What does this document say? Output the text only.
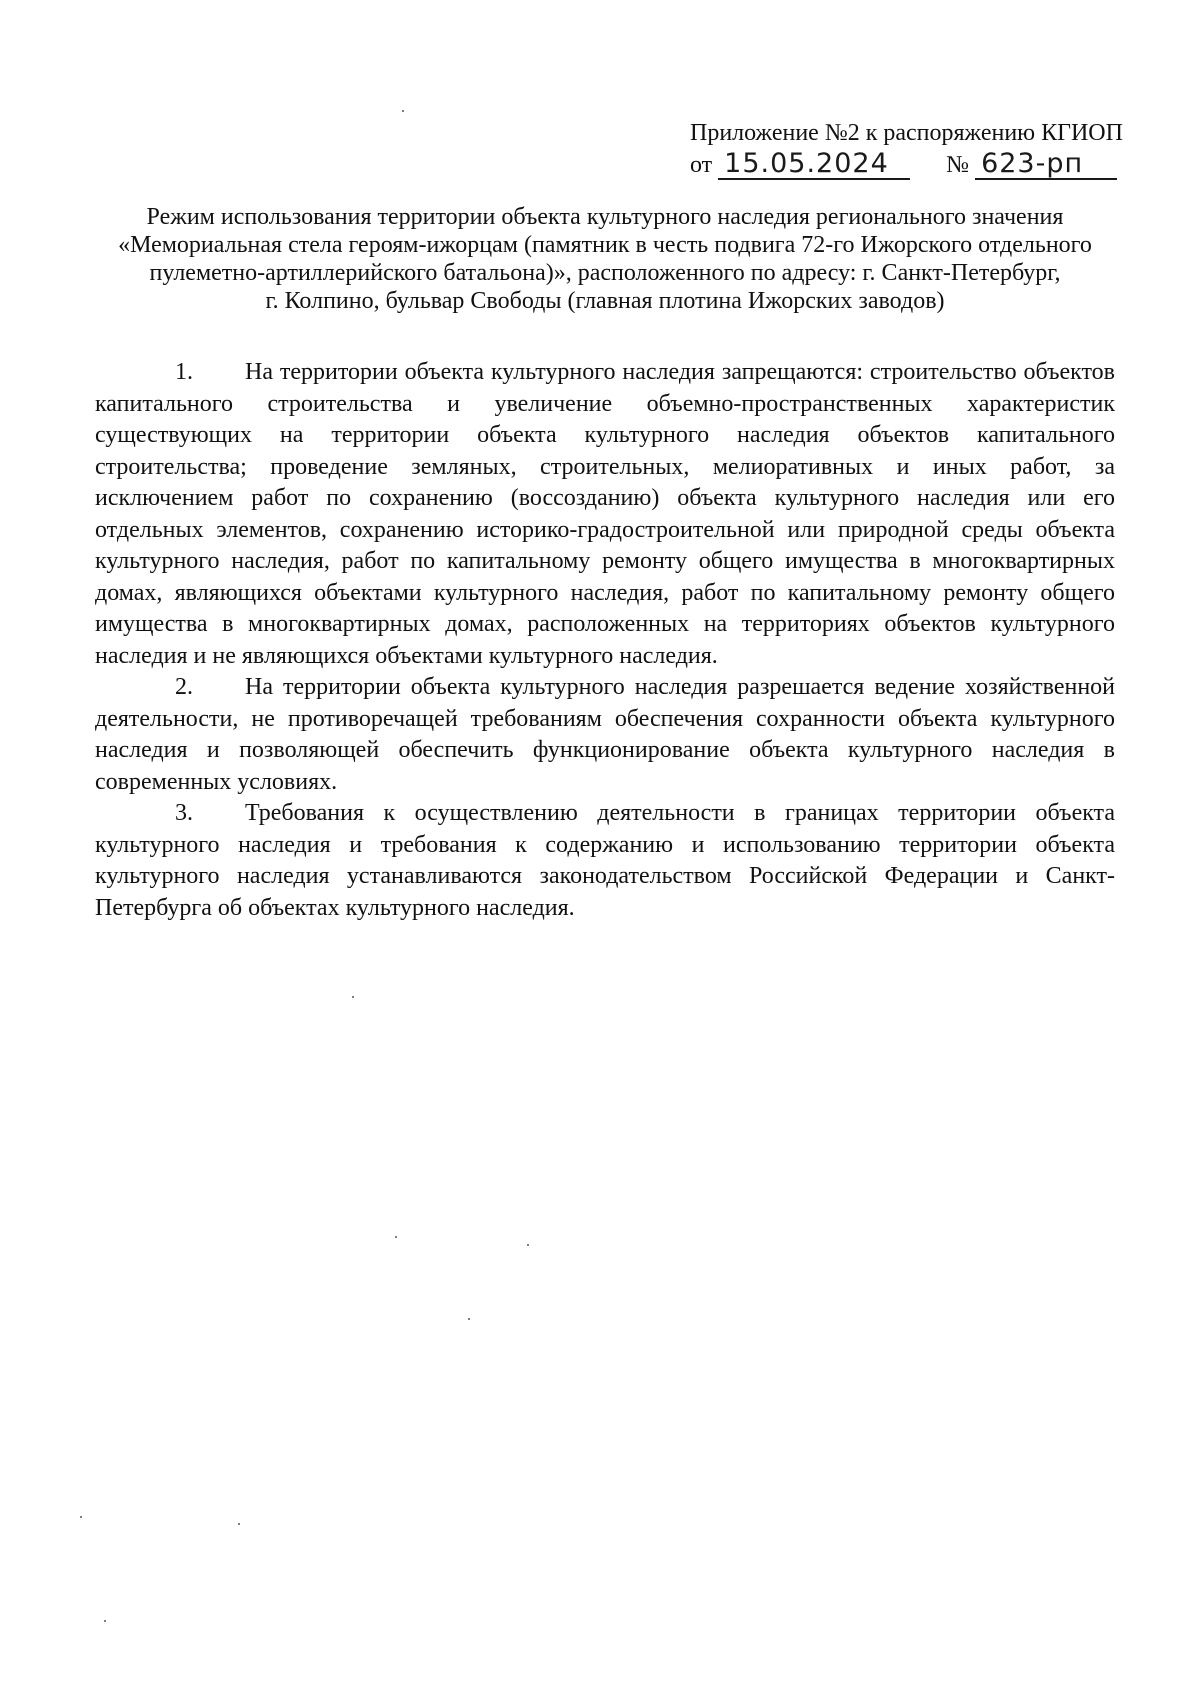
Приложение №2 к распоряжению КГИОП
от 15.05.2024	№ 623-рп
Режим использования территории объекта культурного наследия регионального значения
«Мемориальная стела героям-ижорцам (памятник в честь подвига 72-го Ижорского отдельного
пулеметно-артиллерийского батальона)», расположенного по адресу: г. Санкт-Петербург,
г. Колпино, бульвар Свободы (главная плотина Ижорских заводов)

1. На территории объекта культурного наследия запрещаются: строительство объектов капитального строительства и увеличение объемно-пространственных характеристик существующих на территории объекта культурного наследия объектов капитального строительства; проведение земляных, строительных, мелиоративных и иных работ, за исключением работ по сохранению (воссозданию) объекта культурного наследия или его отдельных элементов, сохранению историко-градостроительной или природной среды объекта культурного наследия, работ по капитальному ремонту общего имущества в многоквартирных домах, являющихся объектами культурного наследия, работ по капитальному ремонту общего имущества в многоквартирных домах, расположенных на территориях объектов культурного наследия и не являющихся объектами культурного наследия.

2. На территории объекта культурного наследия разрешается ведение хозяйственной деятельности, не противоречащей требованиям обеспечения сохранности объекта культурного наследия и позволяющей обеспечить функционирование объекта культурного наследия в современных условиях.

3. Требования к осуществлению деятельности в границах территории объекта культурного наследия и требования к содержанию и использованию территории объекта культурного наследия устанавливаются законодательством Российской Федерации и Санкт-Петербурга об объектах культурного наследия.
